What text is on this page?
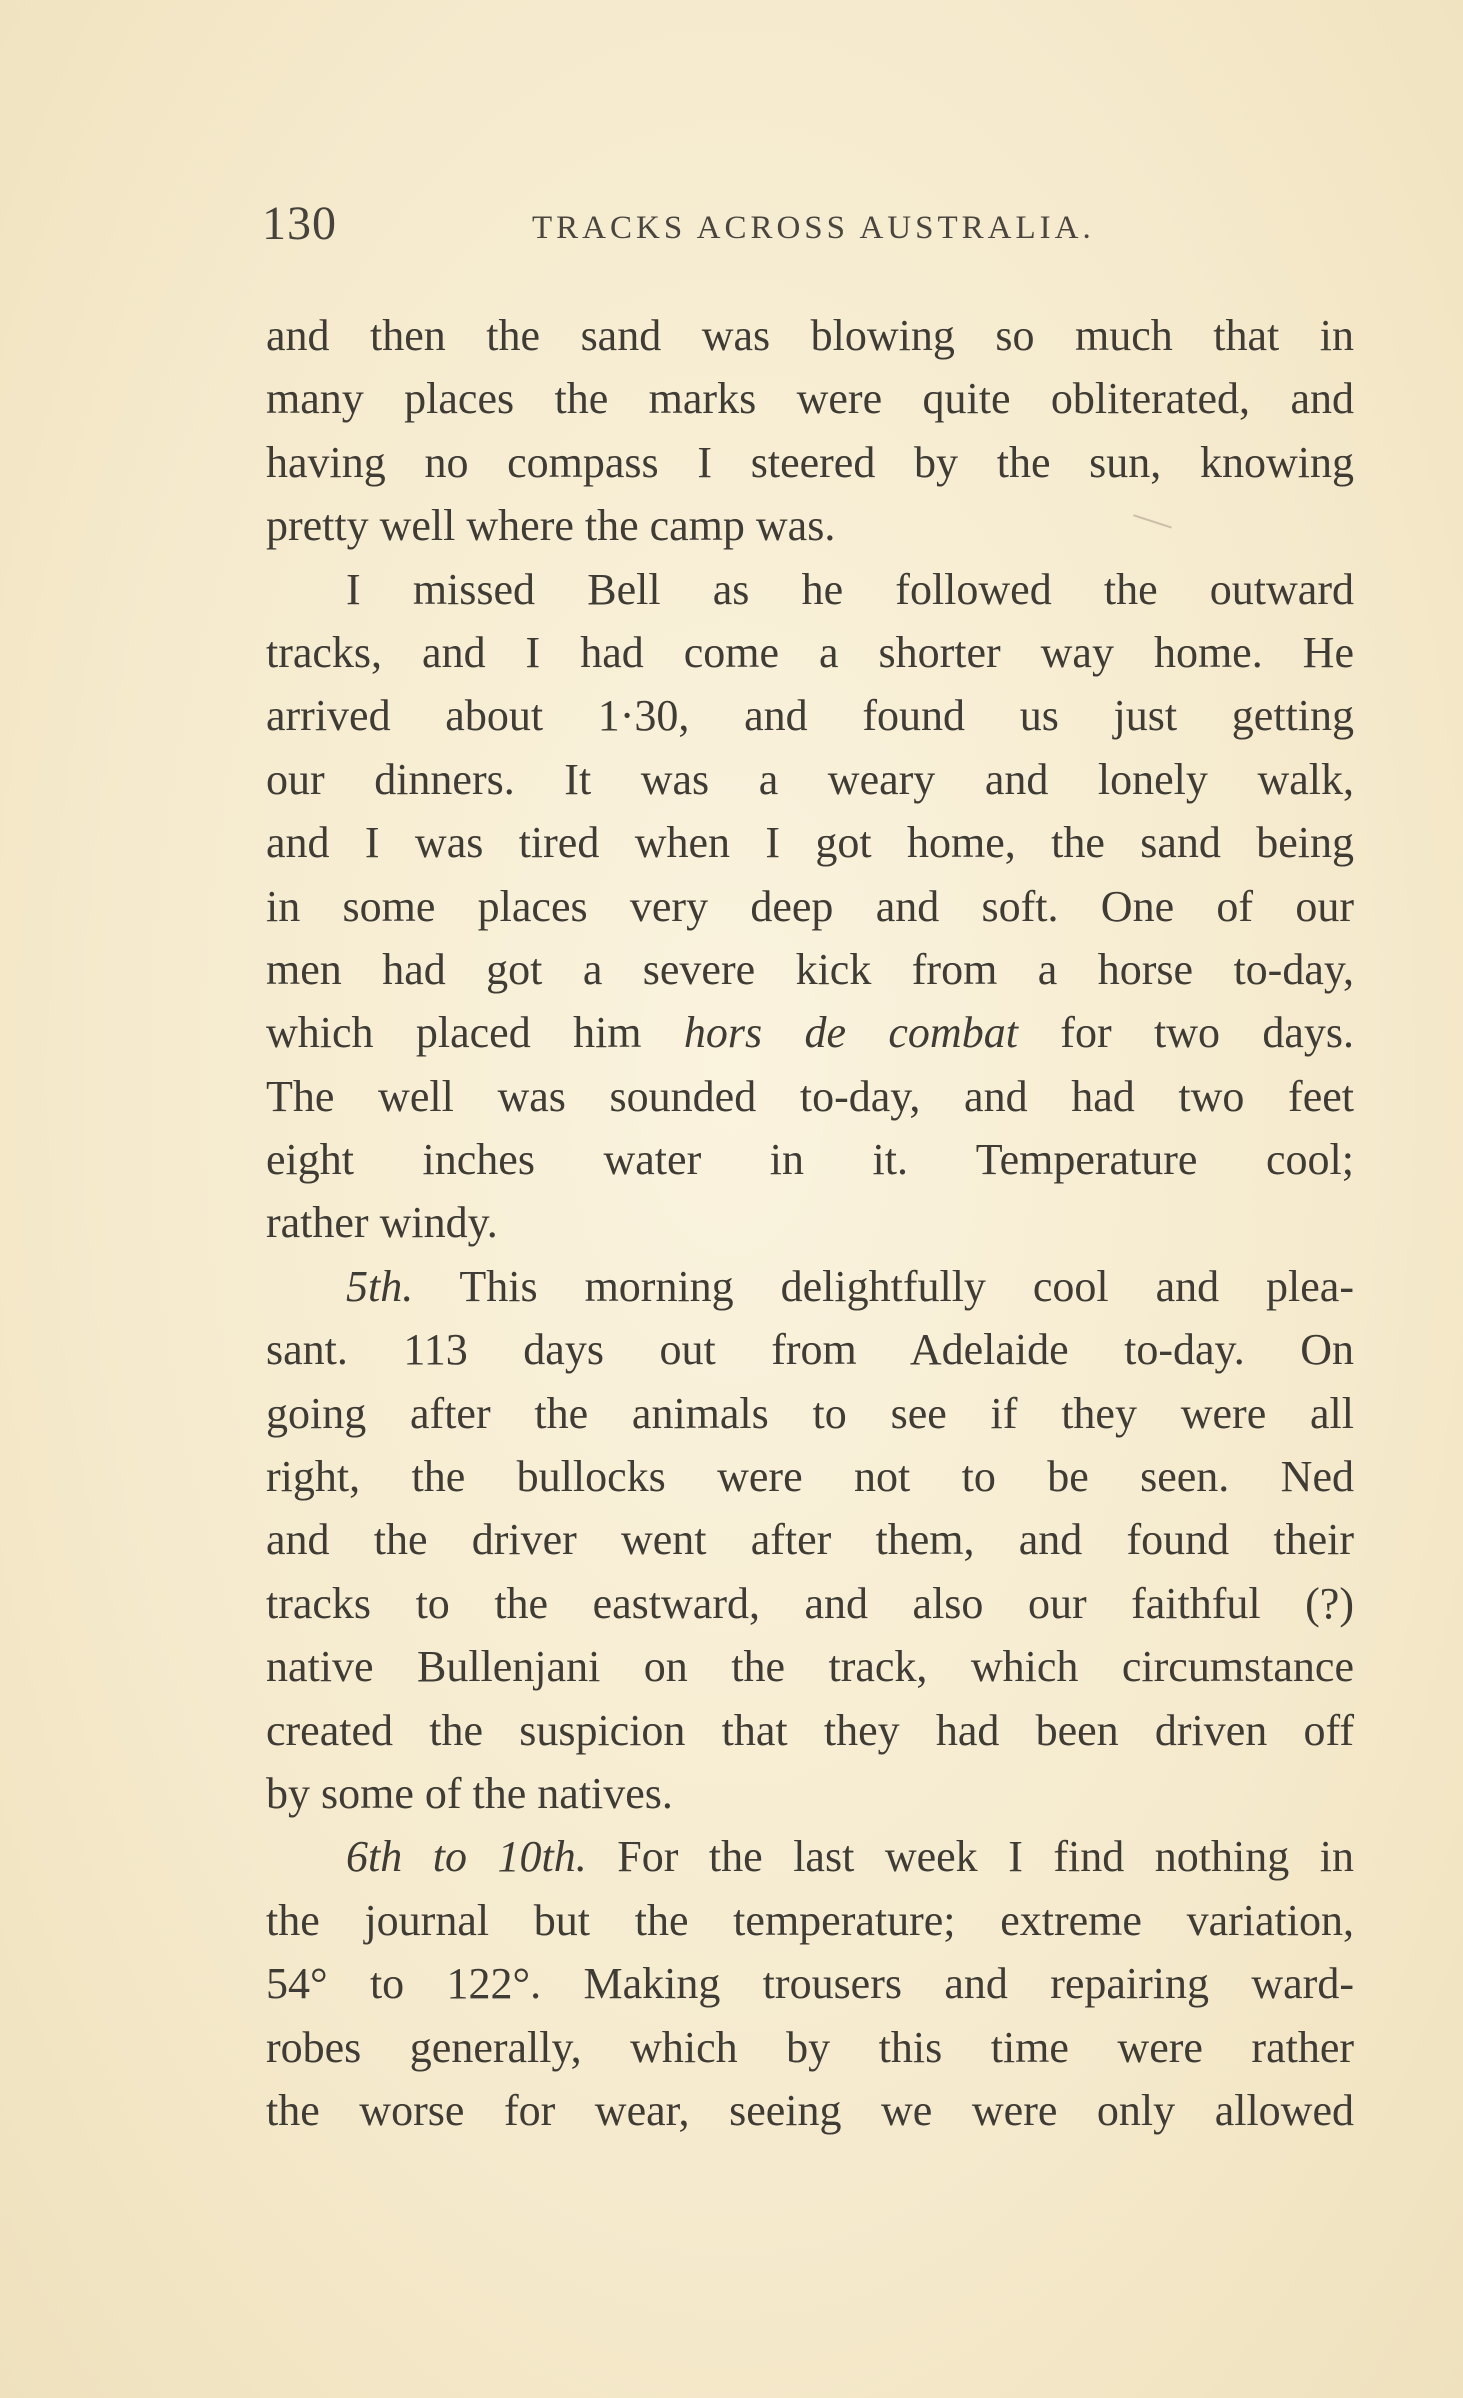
130	TRACKS ACROSS AUSTRALIA.
and then the sand was blowing so much that in
many places the marks were quite obliterated, and
having no compass I steered by the sun, knowing
pretty well where the camp was.
I missed Bell as he followed the outward
tracks, and I had come a shorter way home. He
arrived about 1·30, and found us just getting
our dinners. It was a weary and lonely walk,
and I was tired when I got home, the sand being
in some places very deep and soft. One of our
men had got a severe kick from a horse to-day,
which placed him hors de combat for two days.
The well was sounded to-day, and had two feet
eight inches water in it. Temperature cool;
rather windy.
5th. This morning delightfully cool and plea-
sant. 113 days out from Adelaide to-day. On
going after the animals to see if they were all
right, the bullocks were not to be seen. Ned
and the driver went after them, and found their
tracks to the eastward, and also our faithful (?)
native Bullenjani on the track, which circumstance
created the suspicion that they had been driven off
by some of the natives.
6th to 10th. For the last week I find nothing in
the journal but the temperature; extreme variation,
54° to 122°. Making trousers and repairing ward-
robes generally, which by this time were rather
the worse for wear, seeing we were only allowed
